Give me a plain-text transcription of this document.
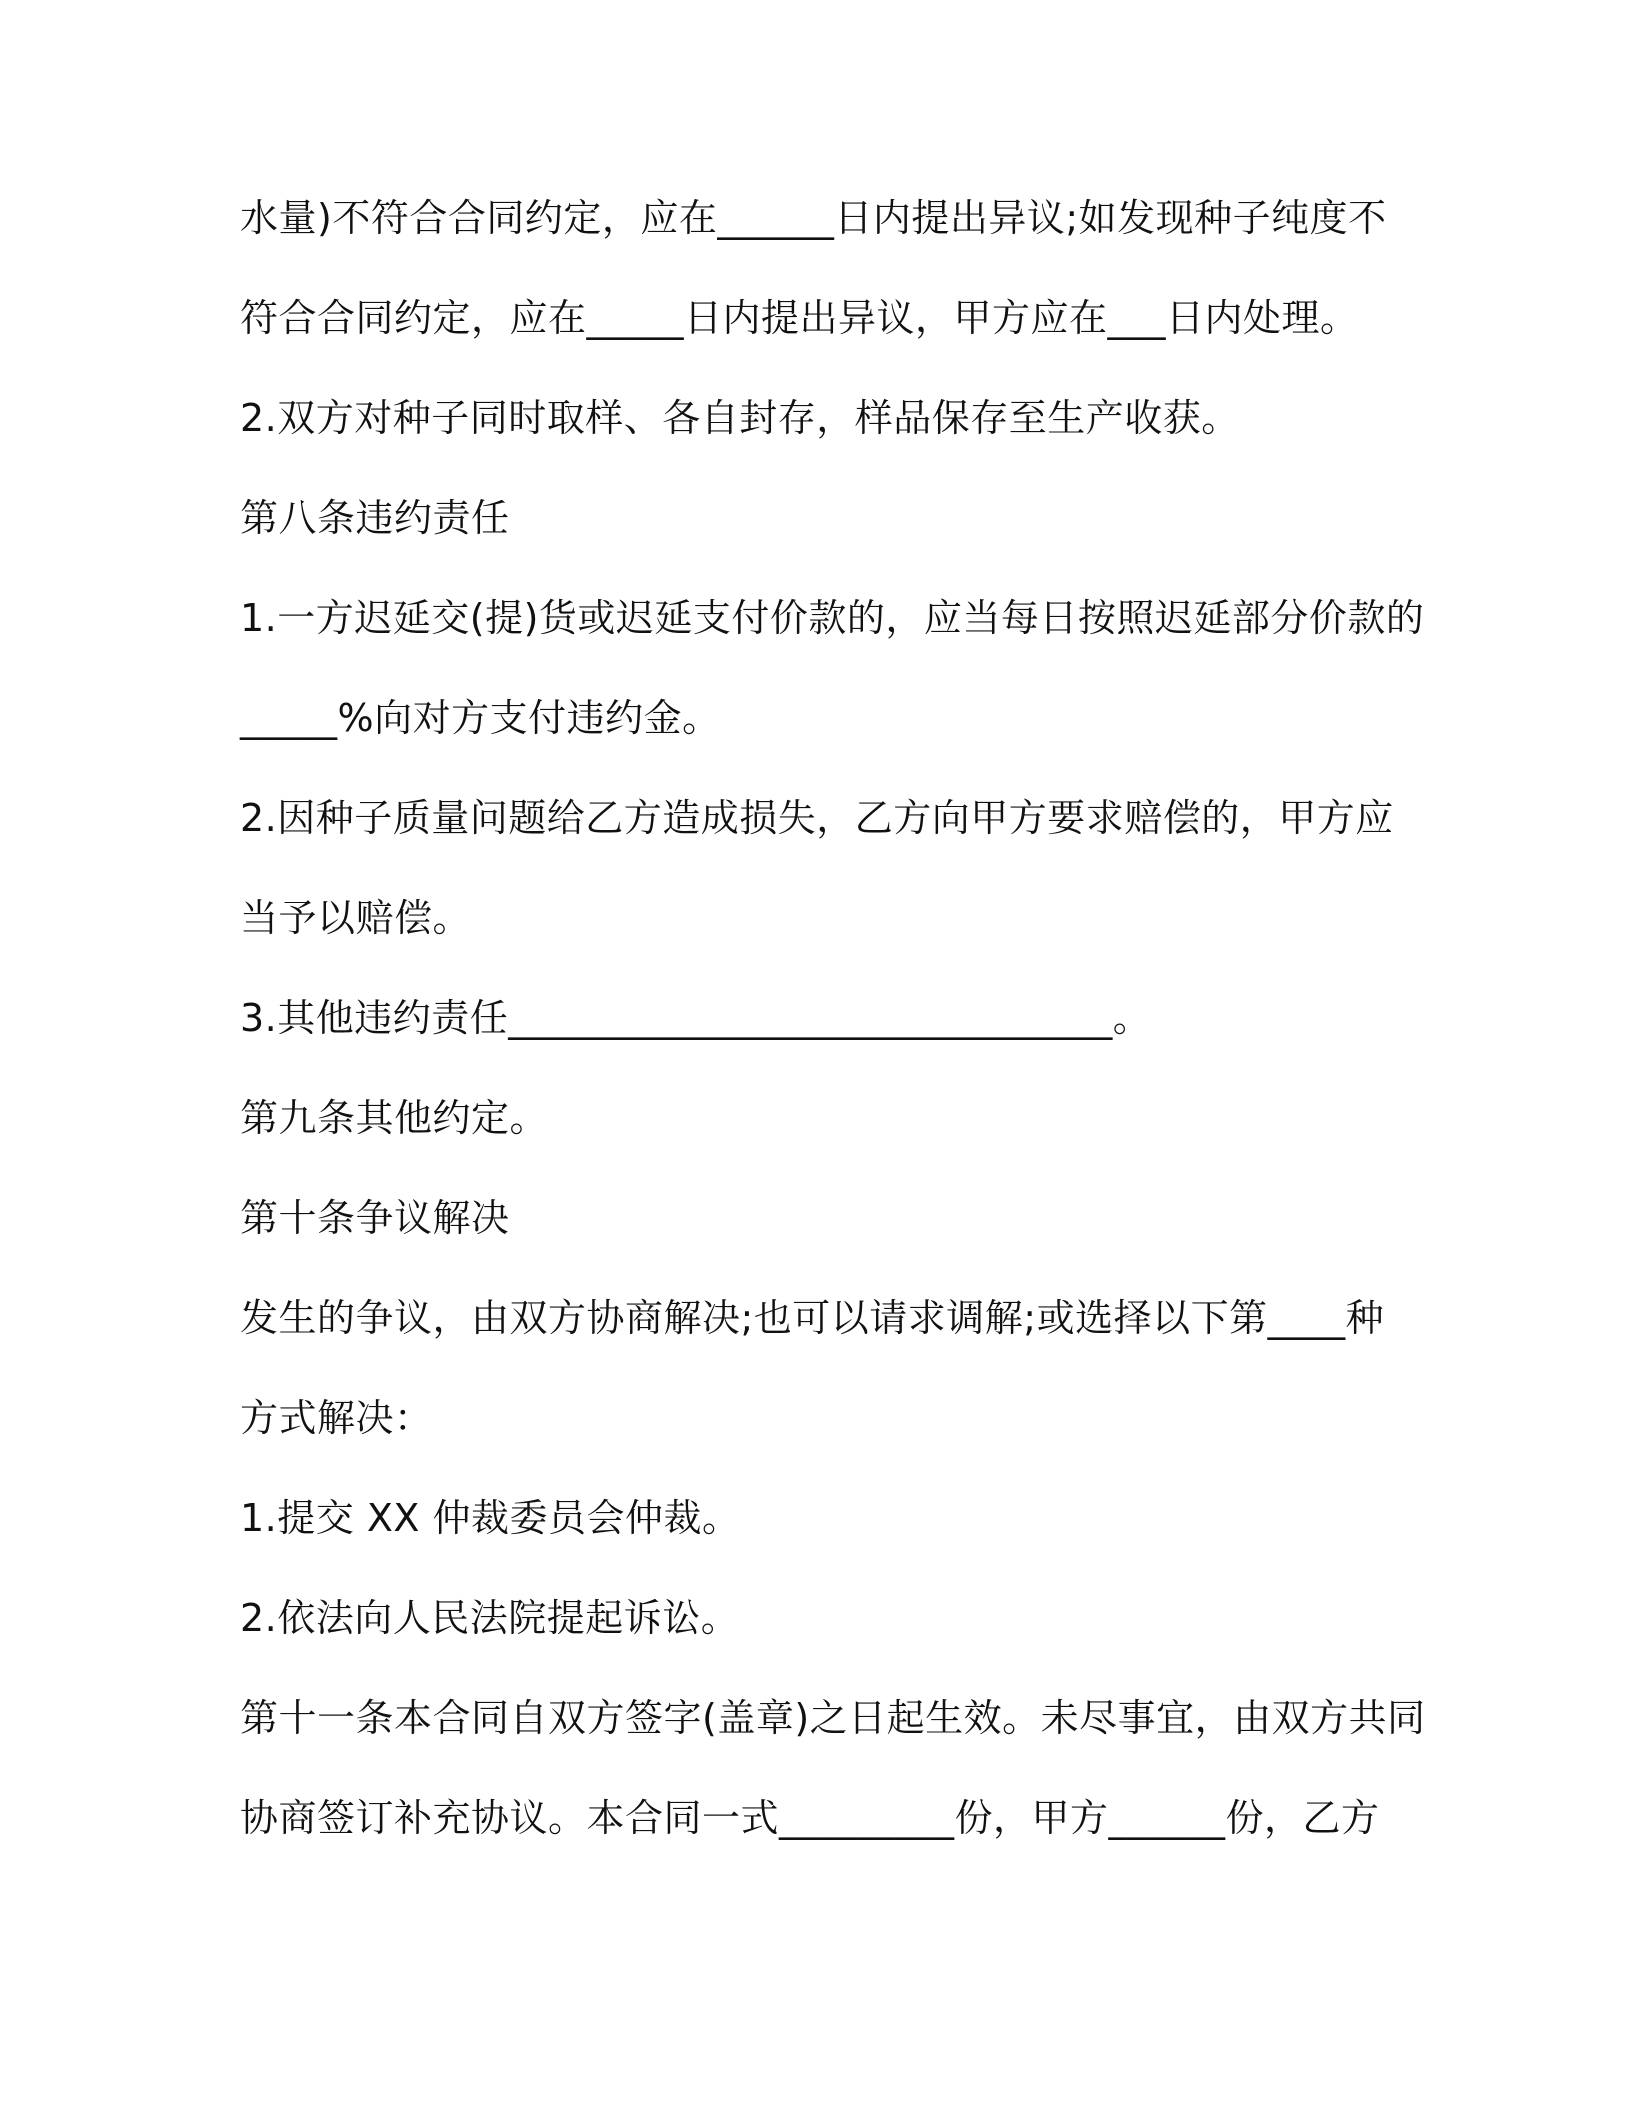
水量)不符合合同约定，应在______日内提出异议;如发现种子纯度不
符合合同约定，应在_____日内提出异议，甲方应在___日内处理。
2.双方对种子同时取样、各自封存，样品保存至生产收获。
第八条违约责任
1.一方迟延交(提)货或迟延支付价款的，应当每日按照迟延部分价款的
_____%向对方支付违约金。
2.因种子质量问题给乙方造成损失，乙方向甲方要求赔偿的，甲方应
当予以赔偿。
3.其他违约责任_______________________________。
第九条其他约定。
第十条争议解决
发生的争议，由双方协商解决;也可以请求调解;或选择以下第____种
方式解决：
1.提交 XX 仲裁委员会仲裁。
2.依法向人民法院提起诉讼。
第十一条本合同自双方签字(盖章)之日起生效。未尽事宜，由双方共同
协商签订补充协议。本合同一式_________份，甲方______份，乙方
